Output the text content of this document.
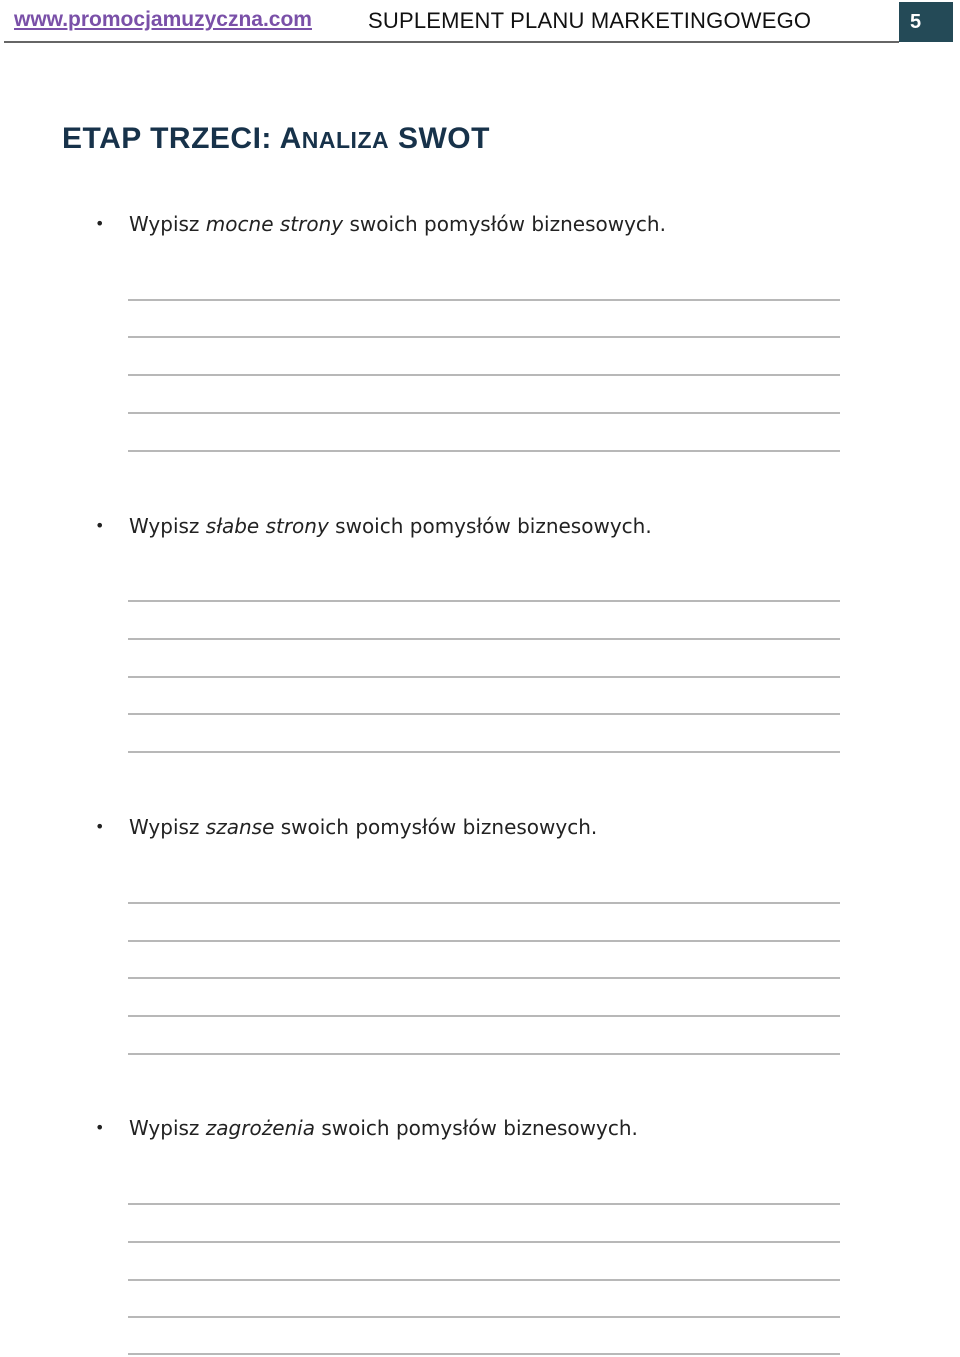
www.promocjamuzyczna.com	SUPLEMENT PLANU MARKETINGOWEGO	5
ETAP TRZECI: ANALIZA SWOT
• Wypisz mocne strony swoich pomysłów biznesowych.
• Wypisz słabe strony swoich pomysłów biznesowych.
• Wypisz szanse swoich pomysłów biznesowych.
• Wypisz zagrożenia swoich pomysłów biznesowych.
